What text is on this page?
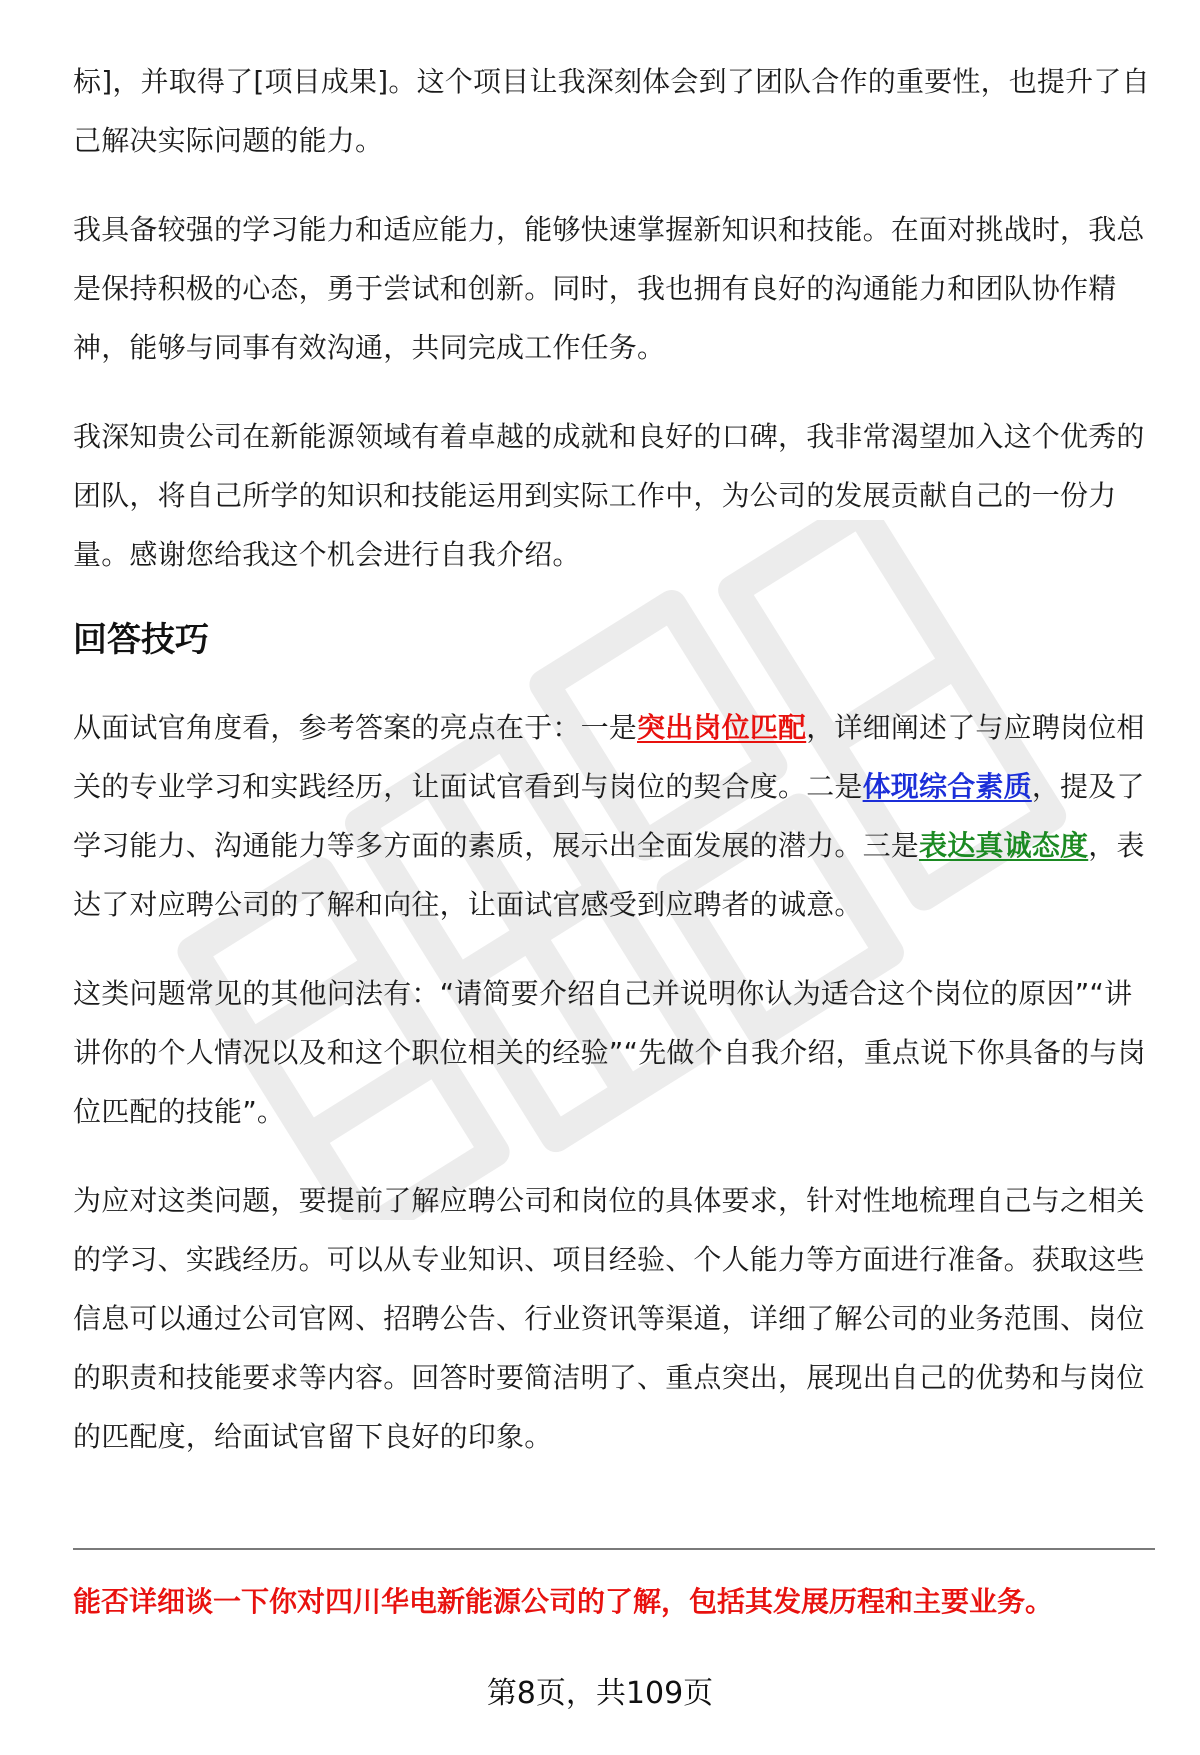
标]，并取得了[项目成果]。这个项目让我深刻体会到了团队合作的重要性，也提升了自己解决实际问题的能力。

我具备较强的学习能力和适应能力，能够快速掌握新知识和技能。在面对挑战时，我总是保持积极的心态，勇于尝试和创新。同时，我也拥有良好的沟通能力和团队协作精神，能够与同事有效沟通，共同完成工作任务。

我深知贵公司在新能源领域有着卓越的成就和良好的口碑，我非常渴望加入这个优秀的团队，将自己所学的知识和技能运用到实际工作中，为公司的发展贡献自己的一份力量。感谢您给我这个机会进行自我介绍。

回答技巧

从面试官角度看，参考答案的亮点在于：一是突出岗位匹配，详细阐述了与应聘岗位相关的专业学习和实践经历，让面试官看到与岗位的契合度。二是体现综合素质，提及了学习能力、沟通能力等多方面的素质，展示出全面发展的潜力。三是表达真诚态度，表达了对应聘公司的了解和向往，让面试官感受到应聘者的诚意。

这类问题常见的其他问法有：“请简要介绍自己并说明你认为适合这个岗位的原因”“讲讲你的个人情况以及和这个职位相关的经验”“先做个自我介绍，重点说下你具备的与岗位匹配的技能”。

为应对这类问题，要提前了解应聘公司和岗位的具体要求，针对性地梳理自己与之相关的学习、实践经历。可以从专业知识、项目经验、个人能力等方面进行准备。获取这些信息可以通过公司官网、招聘公告、行业资讯等渠道，详细了解公司的业务范围、岗位的职责和技能要求等内容。回答时要简洁明了、重点突出，展现出自己的优势和与岗位的匹配度，给面试官留下良好的印象。

能否详细谈一下你对四川华电新能源公司的了解，包括其发展历程和主要业务。
第8页，共109页
